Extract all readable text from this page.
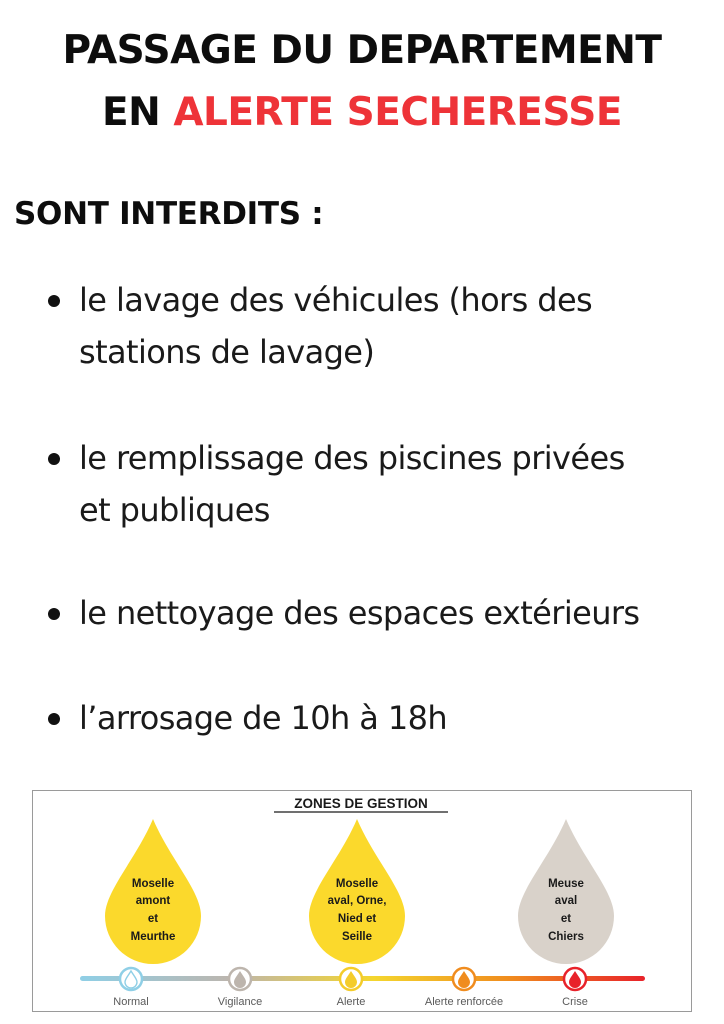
PASSAGE DU DEPARTEMENT
EN ALERTE SECHERESSE
SONT INTERDITS :
le lavage des véhicules (hors des
stations de lavage)
le remplissage des piscines privées
et publiques
le nettoyage des espaces extérieurs
l’arrosage de 10h à 18h
ZONES DE GESTION
Moselle
amont
et
Meurthe
Moselle
aval, Orne,
Nied et
Seille
Meuse
aval
et
Chiers
Normal	Vigilance	Alerte	Alerte renforcée	Crise
